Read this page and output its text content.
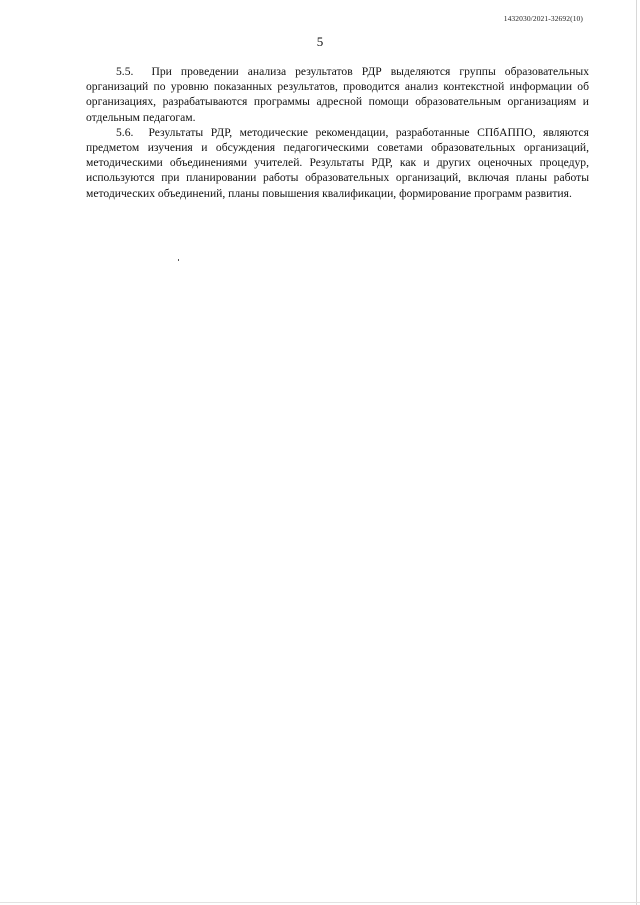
1432030/2021-32692(10)
5

5.5. При проведении анализа результатов РДР выделяются группы образовательных организаций по уровню показанных результатов, проводится анализ контекстной информации об организациях, разрабатываются программы адресной помощи образовательным организациям и отдельным педагогам.

5.6. Результаты РДР, методические рекомендации, разработанные СПбАППО, являются предметом изучения и обсуждения педагогическими советами образовательных организаций, методическими объединениями учителей. Результаты РДР, как и других оценочных процедур, используются при планировании работы образовательных организаций, включая планы работы методических объединений, планы повышения квалификации, формирование программ развития.
